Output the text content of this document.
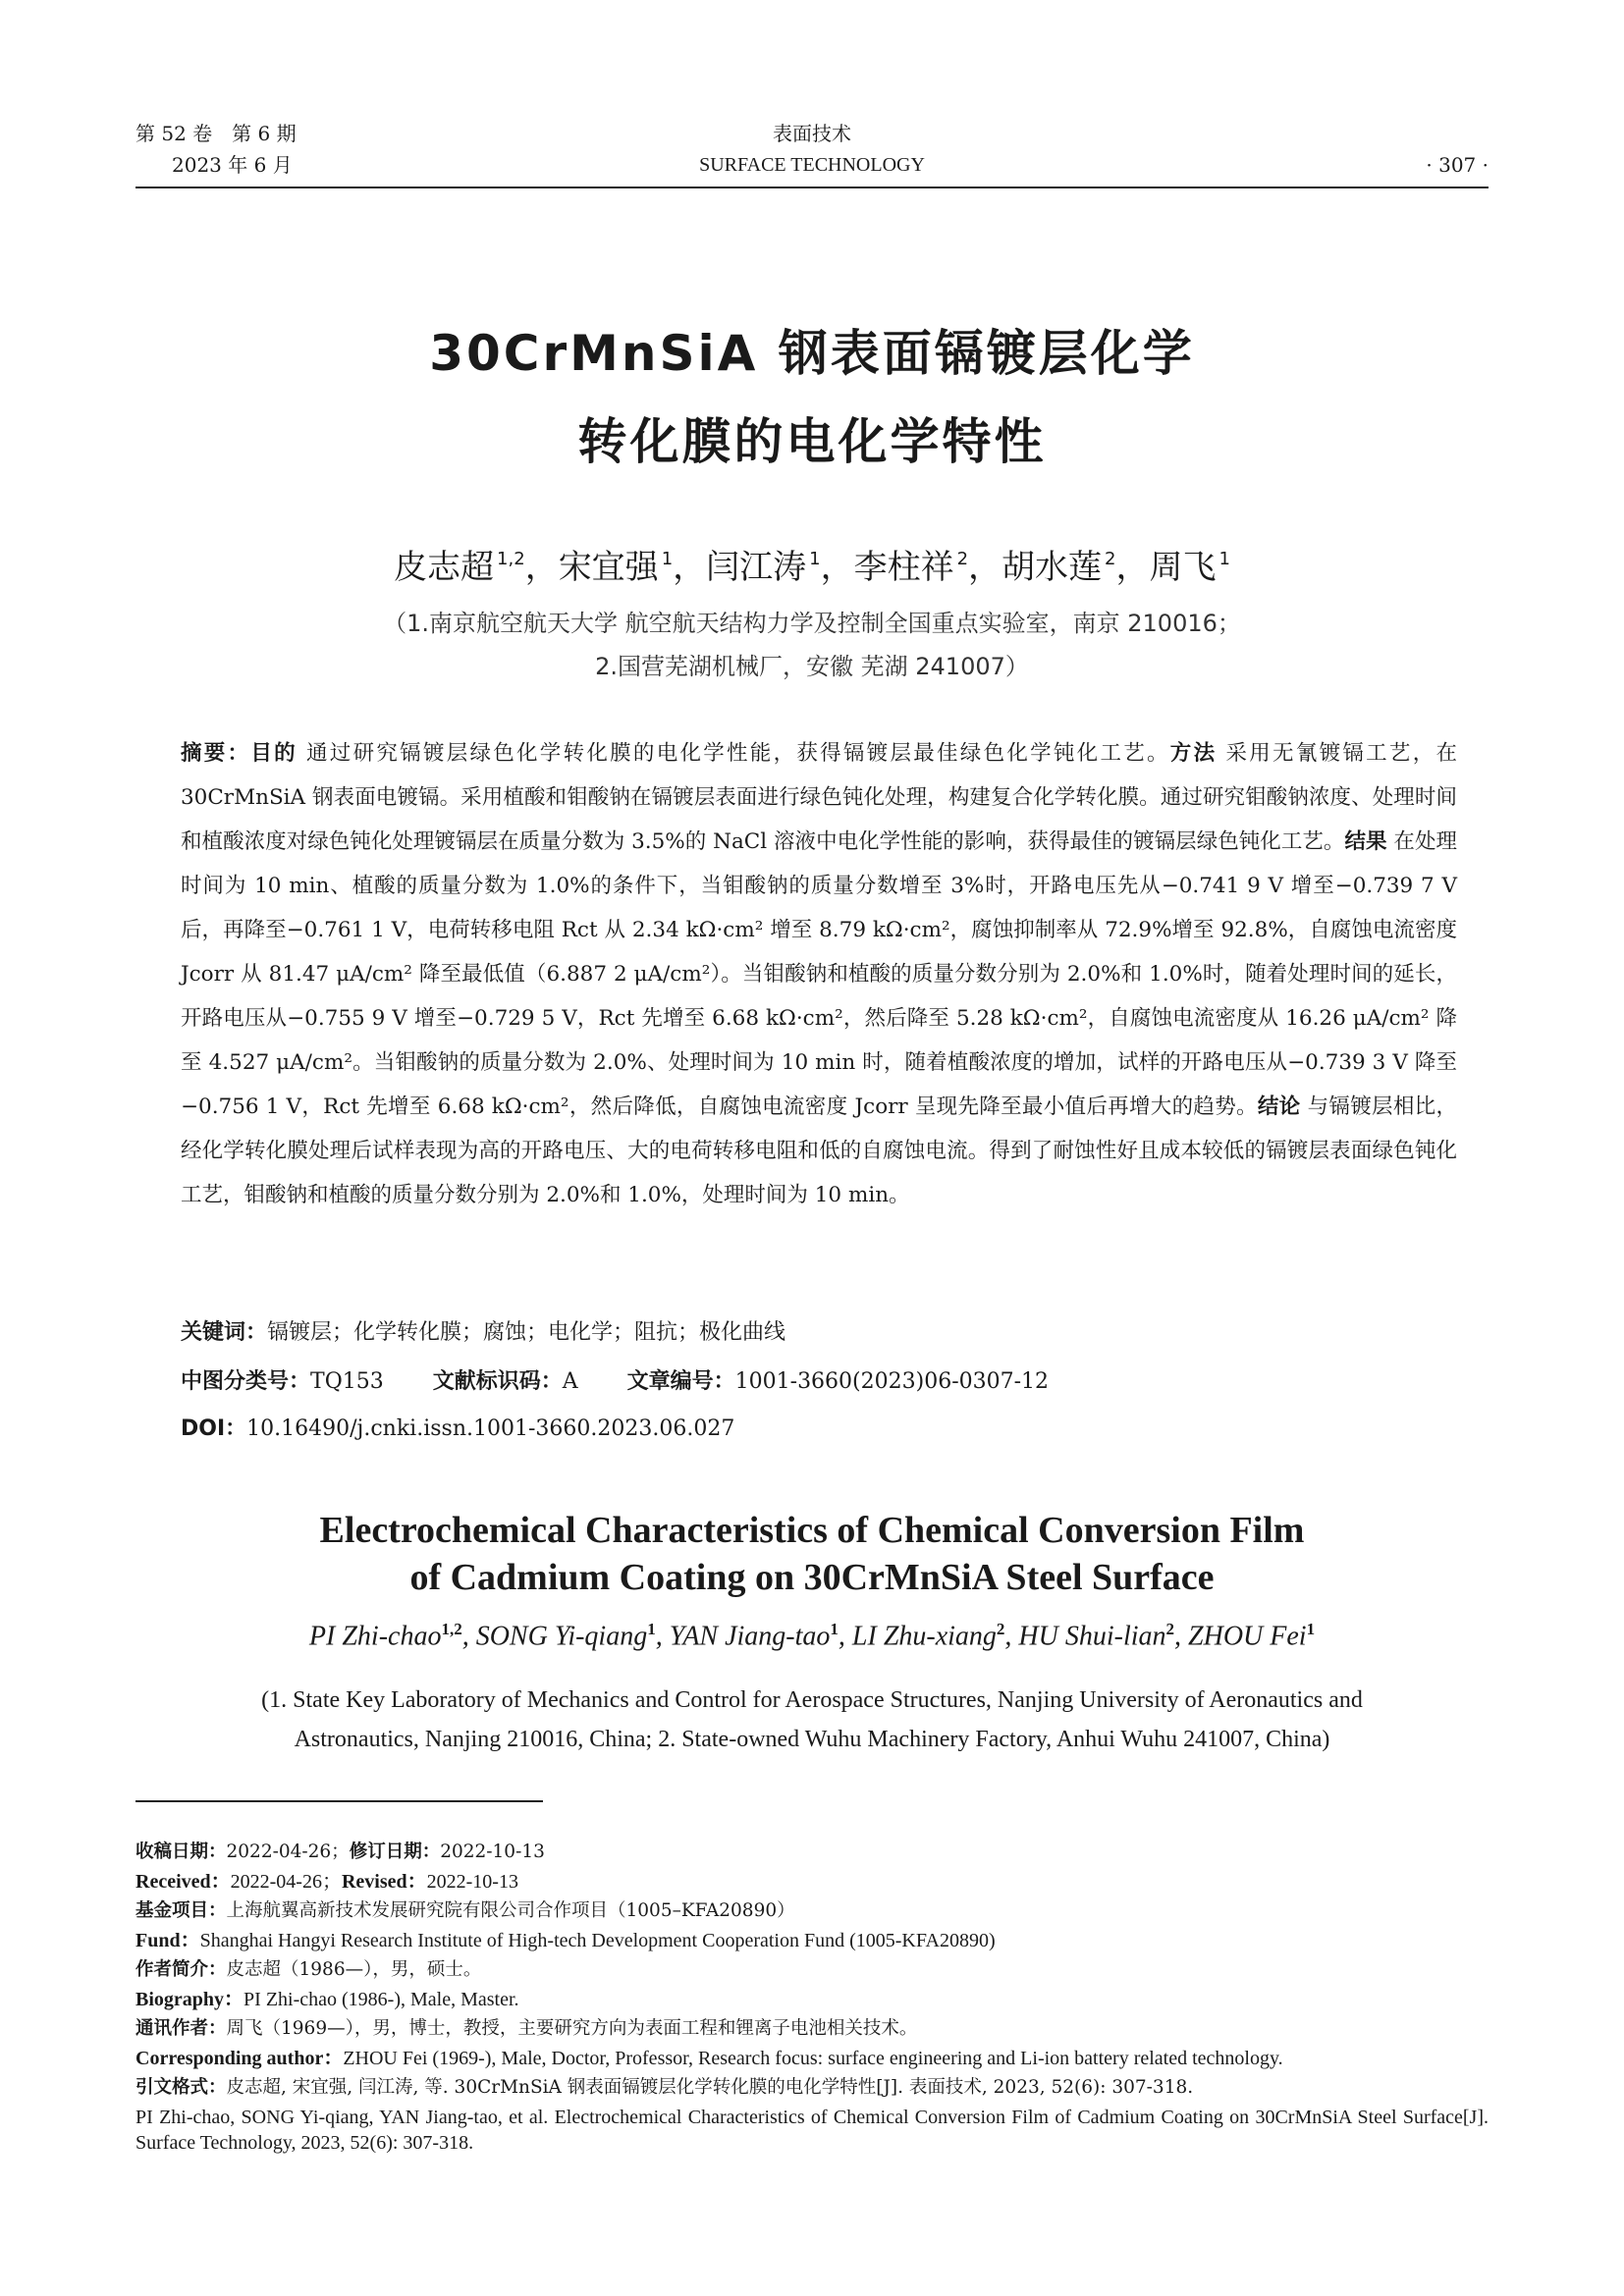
第 52 卷　第 6 期
2023 年 6 月
表面技术
SURFACE TECHNOLOGY	· 307 ·
30CrMnSiA 钢表面镉镀层化学
转化膜的电化学特性
皮志超 $^{1,2}$，宋宜强 $^1$，闫江涛 $^1$，李柱祥 $^2$，胡水莲 $^2$，周飞 $^1$
（1.南京航空航天大学 航空航天结构力学及控制全国重点实验室，南京 210016；
2.国营芜湖机械厂，安徽 芜湖 241007）
摘要：目的 通过研究镉镀层绿色化学转化膜的电化学性能，获得镉镀层最佳绿色化学钝化工艺。方法 采用无氰镀镉工艺，在 30CrMnSiA 钢表面电镀镉。采用植酸和钼酸钠在镉镀层表面进行绿色钝化处理，构建复合化学转化膜。通过研究钼酸钠浓度、处理时间和植酸浓度对绿色钝化处理镀镉层在质量分数为 3.5%的 NaCl 溶液中电化学性能的影响，获得最佳的镀镉层绿色钝化工艺。结果 在处理时间为 10 min、植酸的质量分数为 1.0%的条件下，当钼酸钠的质量分数增至 3%时，开路电压先从−0.741 9 V 增至−0.739 7 V 后，再降至−0.761 1 V，电荷转移电阻 Rct 从 2.34 kΩ·cm² 增至 8.79 kΩ·cm²，腐蚀抑制率从 72.9%增至 92.8%，自腐蚀电流密度 Jcorr 从 81.47 μA/cm² 降至最低值（6.887 2 μA/cm²）。当钼酸钠和植酸的质量分数分别为 2.0%和 1.0%时，随着处理时间的延长，开路电压从−0.755 9 V 增至−0.729 5 V，Rct 先增至 6.68 kΩ·cm²，然后降至 5.28 kΩ·cm²，自腐蚀电流密度从 16.26 μA/cm² 降至 4.527 μA/cm²。当钼酸钠的质量分数为 2.0%、处理时间为 10 min 时，随着植酸浓度的增加，试样的开路电压从−0.739 3 V 降至−0.756 1 V，Rct 先增至 6.68 kΩ·cm²，然后降低，自腐蚀电流密度 Jcorr 呈现先降至最小值后再增大的趋势。结论 与镉镀层相比，经化学转化膜处理后试样表现为高的开路电压、大的电荷转移电阻和低的自腐蚀电流。得到了耐蚀性好且成本较低的镉镀层表面绿色钝化工艺，钼酸钠和植酸的质量分数分别为 2.0%和 1.0%，处理时间为 10 min。
关键词：镉镀层；化学转化膜；腐蚀；电化学；阻抗；极化曲线
中图分类号：TQ153 文献标识码：A 文章编号：1001-3660(2023)06-0307-12
DOI：10.16490/j.cnki.issn.1001-3660.2023.06.027
Electrochemical Characteristics of Chemical Conversion Film
of Cadmium Coating on 30CrMnSiA Steel Surface
PI Zhi-chao$^{1,2}$, SONG Yi-qiang$^1$, YAN Jiang-tao$^1$, LI Zhu-xiang$^2$, HU Shui-lian$^2$, ZHOU Fei$^1$
(1. State Key Laboratory of Mechanics and Control for Aerospace Structures, Nanjing University of Aeronautics and
Astronautics, Nanjing 210016, China; 2. State-owned Wuhu Machinery Factory, Anhui Wuhu 241007, China)
收稿日期：2022-04-26；修订日期：2022-10-13
Received：2022-04-26；Revised：2022-10-13
基金项目：上海航翼高新技术发展研究院有限公司合作项目（1005–KFA20890）
Fund：Shanghai Hangyi Research Institute of High-tech Development Cooperation Fund (1005-KFA20890)
作者简介：皮志超（1986—），男，硕士。
Biography：PI Zhi-chao (1986-), Male, Master.
通讯作者：周飞（1969—），男，博士，教授，主要研究方向为表面工程和锂离子电池相关技术。
Corresponding author：ZHOU Fei (1969-), Male, Doctor, Professor, Research focus: surface engineering and Li-ion battery related technology.
引文格式：皮志超, 宋宜强, 闫江涛, 等. 30CrMnSiA 钢表面镉镀层化学转化膜的电化学特性[J]. 表面技术, 2023, 52(6): 307-318.
PI Zhi-chao, SONG Yi-qiang, YAN Jiang-tao, et al. Electrochemical Characteristics of Chemical Conversion Film of Cadmium Coating on 30CrMnSiA Steel Surface[J]. Surface Technology, 2023, 52(6): 307-318.
